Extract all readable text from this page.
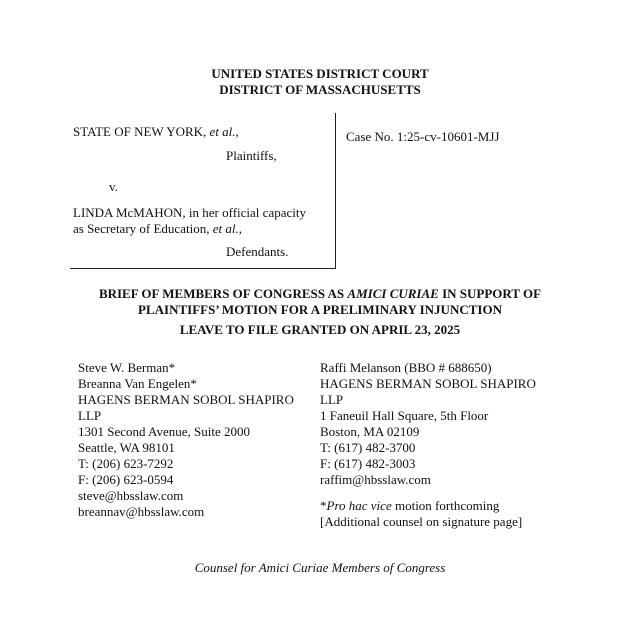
UNITED STATES DISTRICT COURT
DISTRICT OF MASSACHUSETTS
STATE OF NEW YORK, et al.,
Plaintiffs,
v.
LINDA McMAHON, in her official capacity
as Secretary of Education, et al.,
Defendants.
Case No. 1:25-cv-10601-MJJ
BRIEF OF MEMBERS OF CONGRESS AS AMICI CURIAE IN SUPPORT OF
PLAINTIFFS’ MOTION FOR A PRELIMINARY INJUNCTION
LEAVE TO FILE GRANTED ON APRIL 23, 2025
Steve W. Berman*
Breanna Van Engelen*
HAGENS BERMAN SOBOL SHAPIRO
LLP
1301 Second Avenue, Suite 2000
Seattle, WA 98101
T: (206) 623-7292
F: (206) 623-0594
steve@hbsslaw.com
breannav@hbsslaw.com
Raffi Melanson (BBO # 688650)
HAGENS BERMAN SOBOL SHAPIRO
LLP
1 Faneuil Hall Square, 5th Floor
Boston, MA 02109
T: (617) 482-3700
F: (617) 482-3003
raffim@hbsslaw.com
*Pro hac vice motion forthcoming
[Additional counsel on signature page]
Counsel for Amici Curiae Members of Congress
